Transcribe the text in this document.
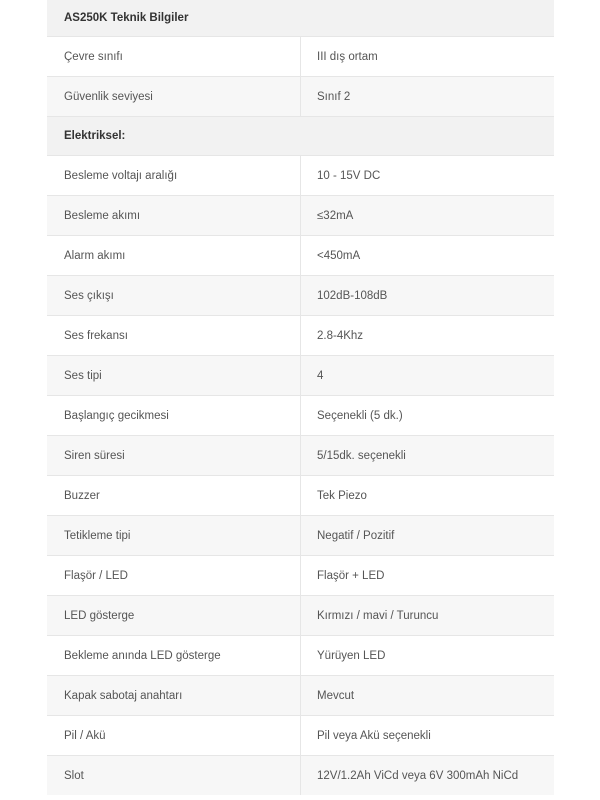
AS250K Teknik Bilgiler	
Çevre sınıfı	III dış ortam
Güvenlik seviyesi	Sınıf 2
Elektriksel:	
Besleme voltajı aralığı	10 - 15V DC
Besleme akımı	≤32mA
Alarm akımı	<450mA
Ses çıkışı	102dB-108dB
Ses frekansı	2.8-4Khz
Ses tipi	4
Başlangıç gecikmesi	Seçenekli (5 dk.)
Siren süresi	5/15dk. seçenekli
Buzzer	Tek Piezo
Tetikleme tipi	Negatif / Pozitif
Flaşör / LED	Flaşör + LED
LED gösterge	Kırmızı / mavi / Turuncu
Bekleme anında LED gösterge	Yürüyen LED
Kapak sabotaj anahtarı	Mevcut
Pil / Akü	Pil veya Akü seçenekli
Slot	12V/1.2Ah ViCd veya 6V 300mAh NiCd
